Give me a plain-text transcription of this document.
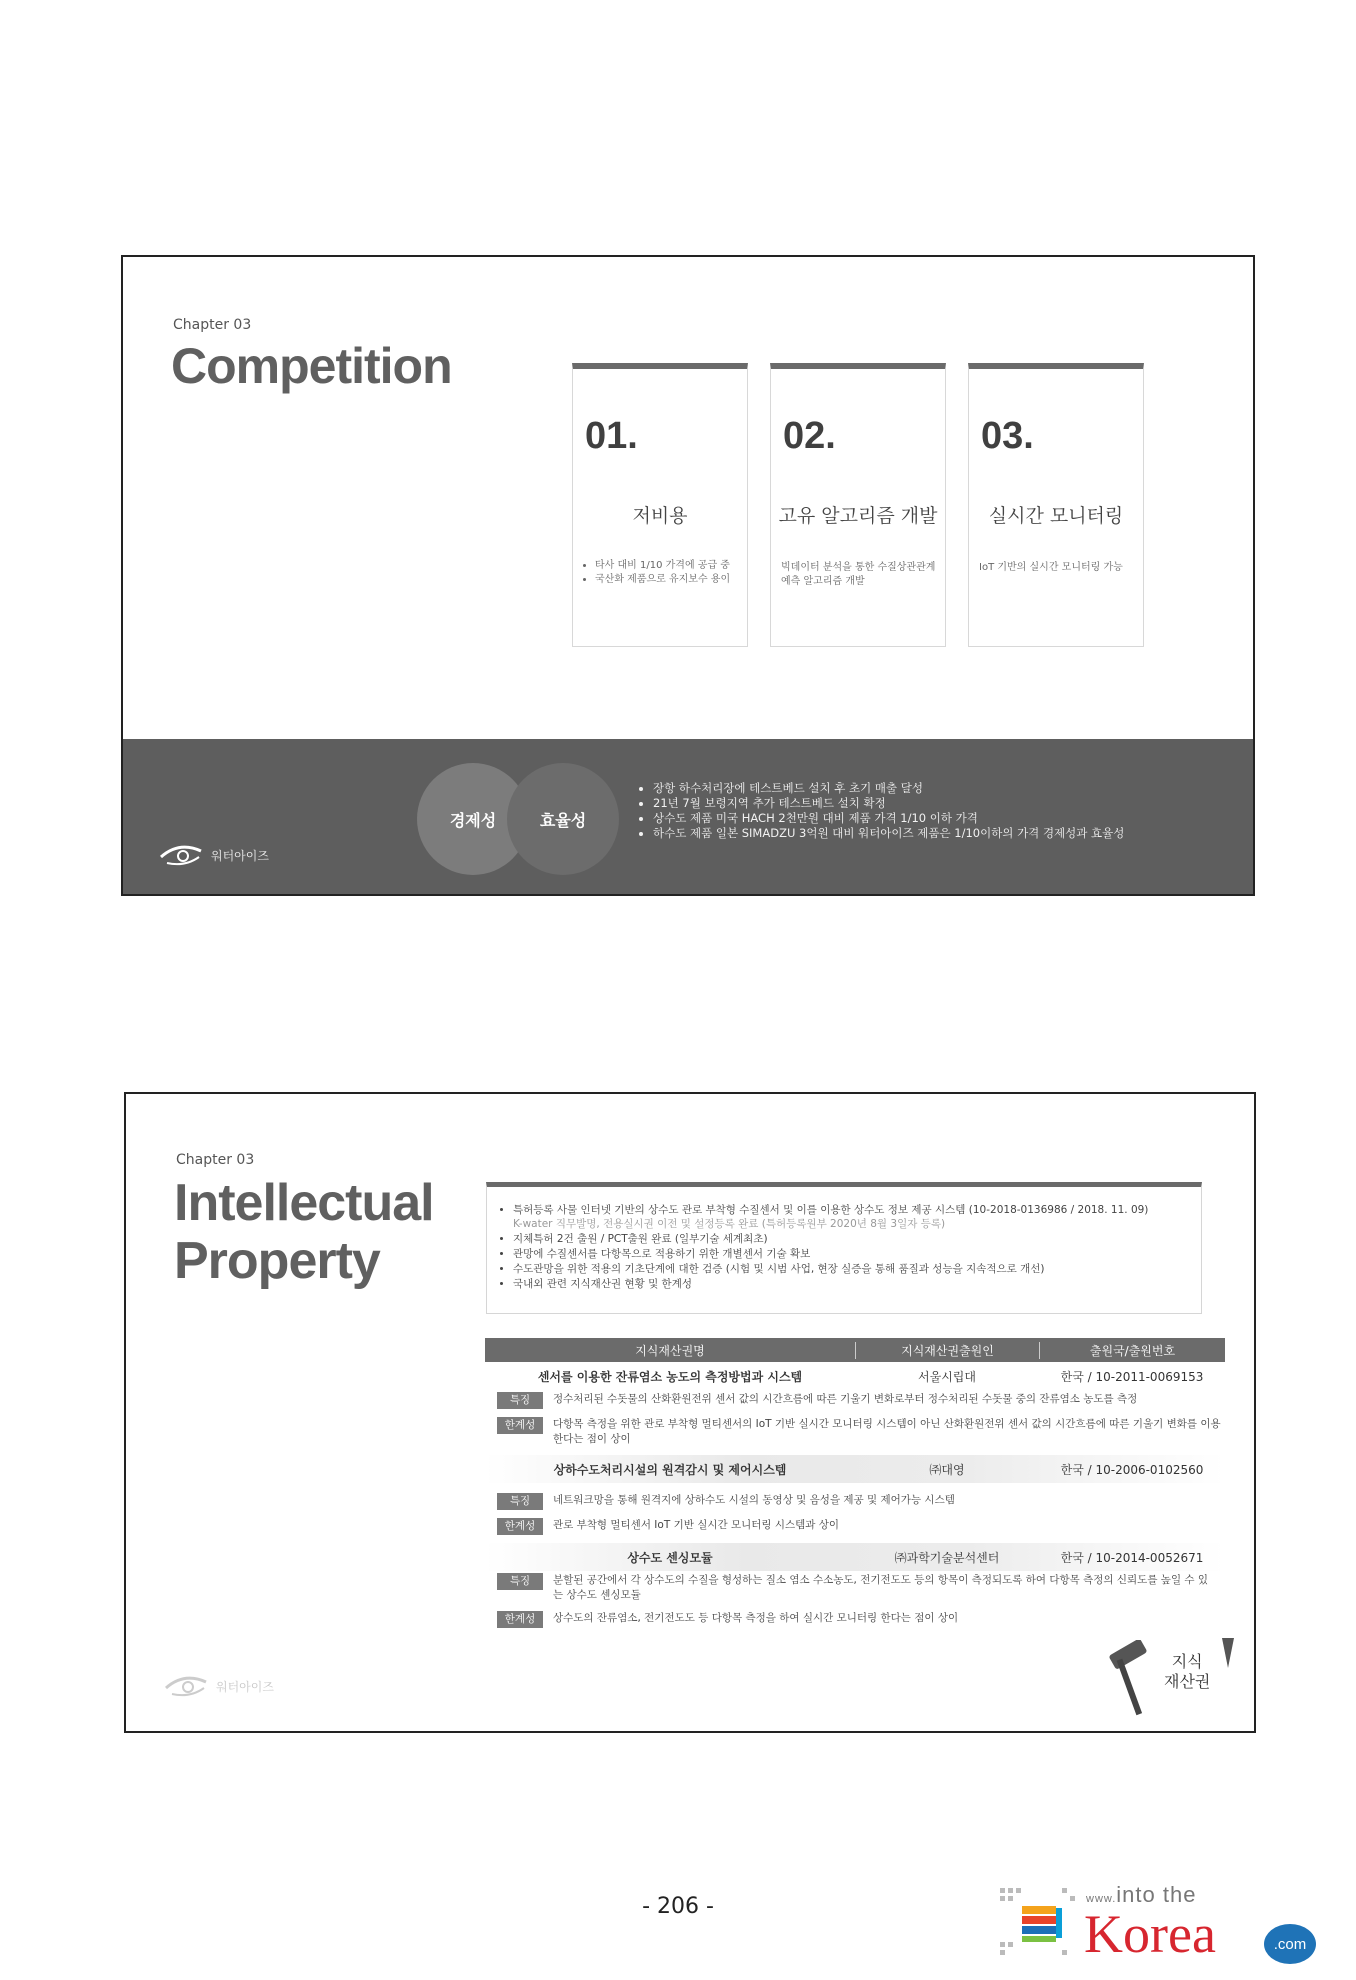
Chapter 03
Competition
01.
저비용
• 타사 대비 1/10 가격에 공급 중
• 국산화 제품으로 유지보수 용이
02.
고유 알고리즘 개발
빅데이터 분석을 통한 수질상관관계 예측 알고리즘 개발
03.
실시간 모니터링
IoT 기반의 실시간 모니터링 가능
경제성	효율성
• 장항 하수처리장에 테스트베드 설치 후 초기 매출 달성
• 21년 7월 보령지역 추가 테스트베드 설치 확정
• 상수도 제품 미국 HACH 2천만원 대비 제품 가격 1/10 이하 가격
• 하수도 제품 일본 SIMADZU 3억원 대비 워터아이즈 제품은 1/10이하의 가격 경제성과 효율성
워터아이즈
Chapter 03
Intellectual
Property
• 특허등록 사물 인터넷 기반의 상수도 관로 부착형 수질센서 및 이를 이용한 상수도 정보 제공 시스템 (10-2018-0136986 / 2018. 11. 09)
K-water 직무발명, 전용실시권 이전 및 설정등록 완료 (특허등록원부 2020년 8월 3일자 등록)
• 지체특허 2건 출원 / PCT출원 완료 (일부기술 세계최초)
• 관망에 수질센서를 다항목으로 적용하기 위한 개별센서 기술 확보
• 수도관망을 위한 적용의 기초단계에 대한 검증 (시험 및 시범 사업, 현장 실증을 통해 품질과 성능을 지속적으로 개선)
• 국내외 관련 지식재산권 현황 및 한계성
지식재산권명	지식재산권출원인	출원국/출원번호
센서를 이용한 잔류염소 농도의 측정방법과 시스템	서울시립대	한국 / 10-2011-0069153
특징	정수처리된 수돗물의 산화환원전위 센서 값의 시간흐름에 따른 기울기 변화로부터 정수처리된 수돗물 중의 잔류염소 농도를 측정
한계성	다항목 측정을 위한 관로 부착형 멀티센서의 IoT 기반 실시간 모니터링 시스템이 아닌 산화환원전위 센서 값의 시간흐름에 따른 기울기 변화를 이용한다는 점이 상이
상하수도처리시설의 원격감시 및 제어시스템	㈜대영	한국 / 10-2006-0102560
특징	네트워크망을 통해 원격지에 상하수도 시설의 동영상 및 음성을 제공 및 제어가능 시스템
한계성	관로 부착형 멀티센서 IoT 기반 실시간 모니터링 시스템과 상이
상수도 센싱모듈	㈜과학기술분석센터	한국 / 10-2014-0052671
특징	분할된 공간에서 각 상수도의 수질을 형성하는 질소 염소 수소농도, 전기전도도 등의 항목이 측정되도록 하여 다항목 측정의 신뢰도를 높일 수 있는 상수도 센싱모듈
한계성	상수도의 잔류염소, 전기전도도 등 다항목 측정을 하여 실시간 모니터링 한다는 점이 상이
워터아이즈
지식
재산권
- 206 -	www.into the
Korea	.com
